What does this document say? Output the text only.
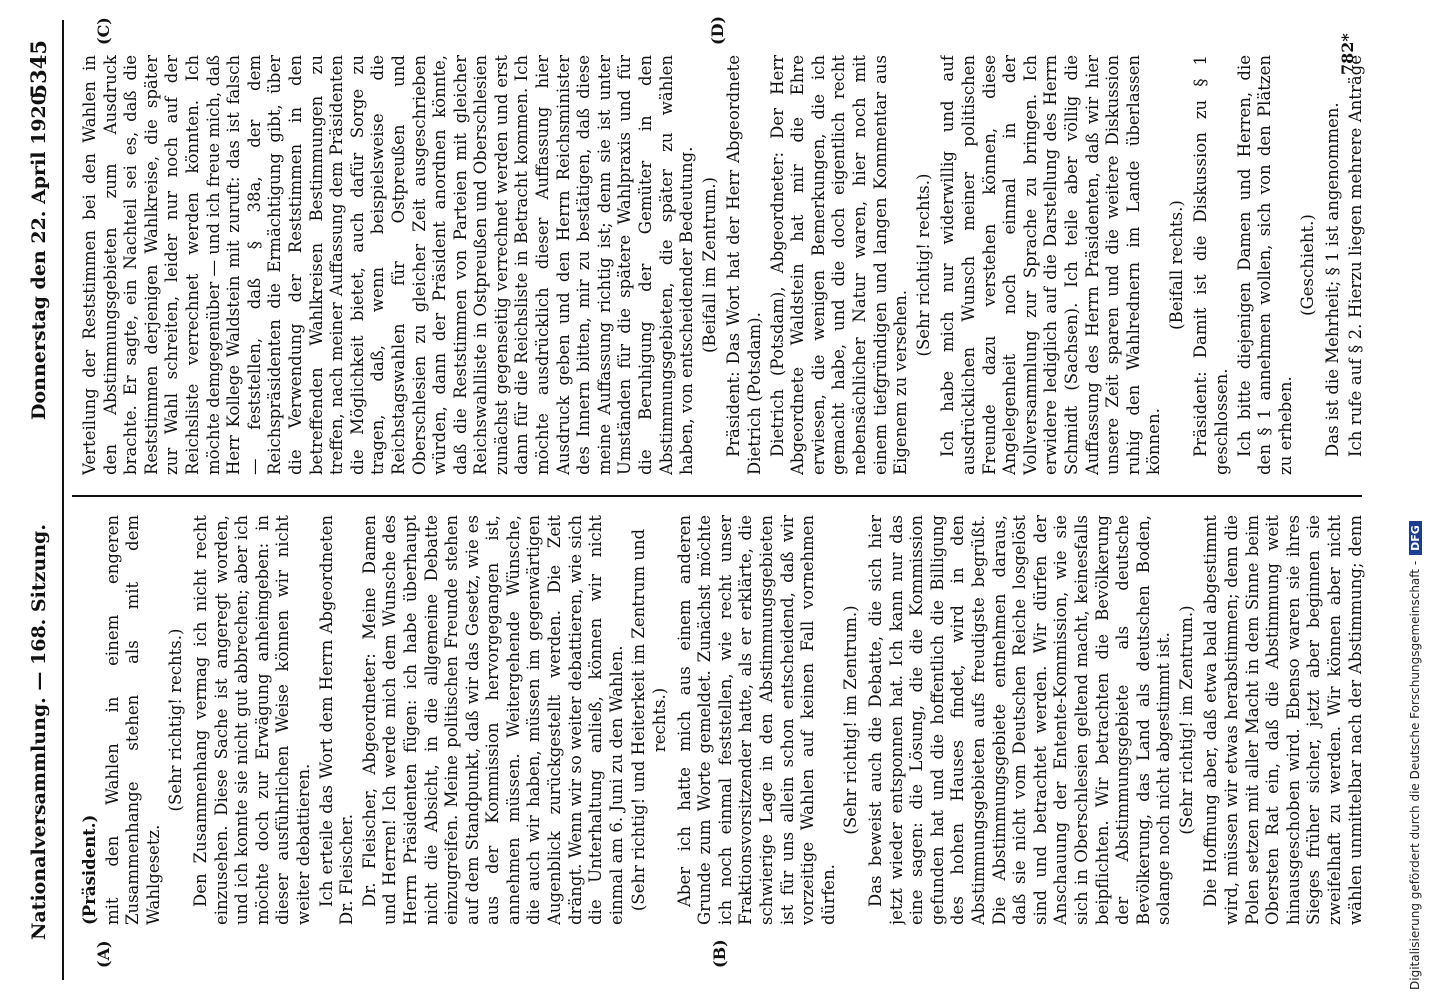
Nationalversammlung. — 168. Sitzung.
Donnerstag den 22. April 1920.
5345
(A)	(B)
(C)	(D)

(Präsident.) mit den Wahlen in einem engeren Zusammenhange stehen als mit dem Wahlgesetz.

(Sehr richtig! rechts.) Den Zusammenhang vermag ich nicht recht einzusehen. Diese Sache ist angeregt worden, und ich konnte sie nicht gut abbrechen; aber ich möchte doch zur Erwägung anheimgeben: in dieser ausführlichen Weise können wir nicht weiter debattieren. Ich erteile das Wort dem Herrn Abgeordneten Dr. Fleischer. Dr. Fleischer, Abgeordneter: Meine Damen und Herren! Ich werde mich dem Wunsche des Herrn Präsidenten fügen: ich habe überhaupt nicht die Absicht, in die allgemeine Debatte einzugreifen. Meine politischen Freunde stehen auf dem Standpunkt, daß wir das Gesetz, wie es aus der Kommission hervorgegangen ist, annehmen müssen. Weitergehende Wünsche, die auch wir haben, müssen im gegenwärtigen Augenblick zurückgestellt werden. Die Zeit drängt. Wenn wir so weiter debattieren, wie sich die Unterhaltung anließ, können wir nicht einmal am 6. Juni zu den Wahlen. (Sehr richtig! und Heiterkeit im Zentrum und rechts.) Aber ich hatte mich aus einem anderen Grunde zum Worte gemeldet. Zunächst möchte ich noch einmal feststellen, wie recht unser Fraktionsvorsitzender hatte, als er erklärte, die schwierige Lage in den Abstimmungsgebieten ist für uns allein schon entscheidend, daß wir vorzeitige Wahlen auf keinen Fall vornehmen dürfen.

(Sehr richtig! im Zentrum.) Das beweist auch die Debatte, die sich hier jetzt wieder entsponnen hat. Ich kann nur das eine sagen: die Lösung, die die Kommission gefunden hat und die hoffentlich die Billigung des hohen Hauses findet, wird in den Abstimmungsgebieten aufs freudigste begrüßt. Die Abstimmungsgebiete entnehmen daraus, daß sie nicht vom Deutschen Reiche losgelöst sind und betrachtet werden. Wir dürfen der Anschauung der Entente-Kommission, wie sie sich in Oberschlesien geltend macht, keinesfalls beipflichten. Wir betrachten die Bevölkerung der Abstimmungsgebiete als deutsche Bevölkerung, das Land als deutschen Boden, solange noch nicht abgestimmt ist. (Sehr richtig! im Zentrum.)

Die Hoffnung aber, daß etwa bald abgestimmt wird, müssen wir etwas herabstimmen; denn die Polen setzen mit aller Macht in dem Sinne beim Obersten Rat ein, daß die Abstimmung weit hinausgeschoben wird. Ebenso waren sie ihres Sieges früher sicher, jetzt aber beginnen sie zweifelhaft zu werden. Wir können aber nicht wählen unmittelbar nach der Abstimmung; denn

Verteilung der Reststimmen bei den Wahlen in den Abstimmungsgebieten zum Ausdruck brachte. Er sagte, ein Nachteil sei es, daß die Reststimmen derjenigen Wahlkreise, die später zur Wahl schreiten, leider nur noch auf der Reichsliste verrechnet werden könnten. Ich möchte demgegenüber — und ich freue mich, daß Herr Kollege Waldstein mit zuruft: das ist falsch — feststellen, daß § 38a, der dem Reichspräsidenten die Ermächtigung gibt, über die Verwendung der Reststimmen in den betreffenden Wahlkreisen Bestimmungen zu treffen, nach meiner Auffassung dem Präsidenten die Möglichkeit bietet, auch dafür Sorge zu tragen, daß, wenn beispielsweise die Reichstagswahlen für Ostpreußen und Oberschlesien zu gleicher Zeit ausgeschrieben würden, dann der Präsident anordnen könnte, daß die Reststimmen von Parteien mit gleicher Reichswahlliste in Ostpreußen und Oberschlesien zunächst gegenseitig verrechnet werden und erst dann für die Reichsliste in Betracht kommen. Ich möchte ausdrücklich dieser Auffassung hier Ausdruck geben und den Herrn Reichsminister des Innern bitten, mir zu bestätigen, daß diese meine Auffassung richtig ist; denn sie ist unter Umständen für die spätere Wahlpraxis und für die Beruhigung der Gemüter in den Abstimmungsgebieten, die später zu wählen haben, von entscheidender Bedeutung. (Beifall im Zentrum.) Präsident: Das Wort hat der Herr Abgeordnete Dietrich (Potsdam). Dietrich (Potsdam), Abgeordneter: Der Herr Abgeordnete Waldstein hat mir die Ehre erwiesen, die wenigen Bemerkungen, die ich gemacht habe, und die doch eigentlich recht nebensächlicher Natur waren, hier noch mit einem tiefgründigen und langen Kommentar aus Eigenem zu versehen.

(Sehr richtig! rechts.) Ich habe mich nur widerwillig und auf ausdrücklichen Wunsch meiner politischen Freunde dazu verstehen können, diese Angelegenheit noch einmal in der Vollversammlung zur Sprache zu bringen. Ich erwidere lediglich auf die Darstellung des Herrn Schmidt (Sachsen). Ich teile aber völlig die Auffassung des Herrn Präsidenten, daß wir hier unsere Zeit sparen und die weitere Diskussion ruhig den Wahlrednern im Lande überlassen können.

(Beifall rechts.) Präsident: Damit ist die Diskussion zu § 1 geschlossen. Ich bitte diejenigen Damen und Herren, die den § 1 annehmen wollen, sich von den Plätzen zu erheben.

(Geschieht.) Das ist die Mehrheit; § 1 ist angenommen. Ich rufe auf § 2. Hierzu liegen mehrere Anträge

782*
Digitalisierung gefördert durch die Deutsche Forschungsgemeinschaft -DFG
